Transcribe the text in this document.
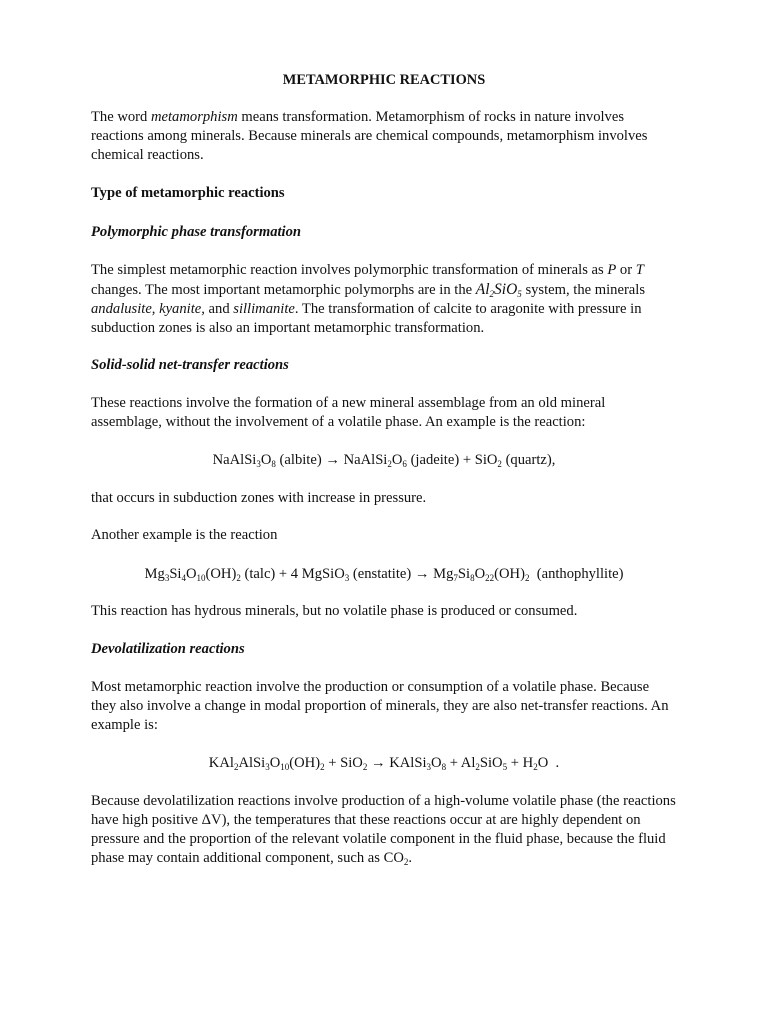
METAMORPHIC REACTIONS

The word metamorphism means transformation. Metamorphism of rocks in nature involves reactions among minerals. Because minerals are chemical compounds, metamorphism involves chemical reactions.

Type of metamorphic reactions

Polymorphic phase transformation

The simplest metamorphic reaction involves polymorphic transformation of minerals as P or T changes. The most important metamorphic polymorphs are in the $Al_2SiO_5$ system, the minerals andalusite, kyanite, and sillimanite. The transformation of calcite to aragonite with pressure in subduction zones is also an important metamorphic transformation.

Solid-solid net-transfer reactions

These reactions involve the formation of a new mineral assemblage from an old mineral assemblage, without the involvement of a volatile phase. An example is the reaction:

$NaAlSi_3O_8$ (albite) → $NaAlSi_2O_6$ (jadeite) + SiO$_2$ (quartz),

that occurs in subduction zones with increase in pressure.

Another example is the reaction

$Mg_3Si_4O_{10}(OH)_2$ (talc) + 4 MgSiO$_3$ (enstatite) → $Mg_7Si_8O_{22}(OH)_2$  (anthophyllite)

This reaction has hydrous minerals, but no volatile phase is produced or consumed.

Devolatilization reactions

Most metamorphic reaction involve the production or consumption of a volatile phase. Because they also involve a change in modal proportion of minerals, they are also net-transfer reactions. An example is:

$KAl_2AlSi_3O_{10}(OH)_2 + SiO_2$ → $KAlSi_3O_8 + Al_2SiO_5 + H_2O$  .

Because devolatilization reactions involve production of a high-volume volatile phase (the reactions have high positive ΔV), the temperatures that these reactions occur at are highly dependent on pressure and the proportion of the relevant volatile component in the fluid phase, because the fluid phase may contain additional component, such as $CO_2$.
